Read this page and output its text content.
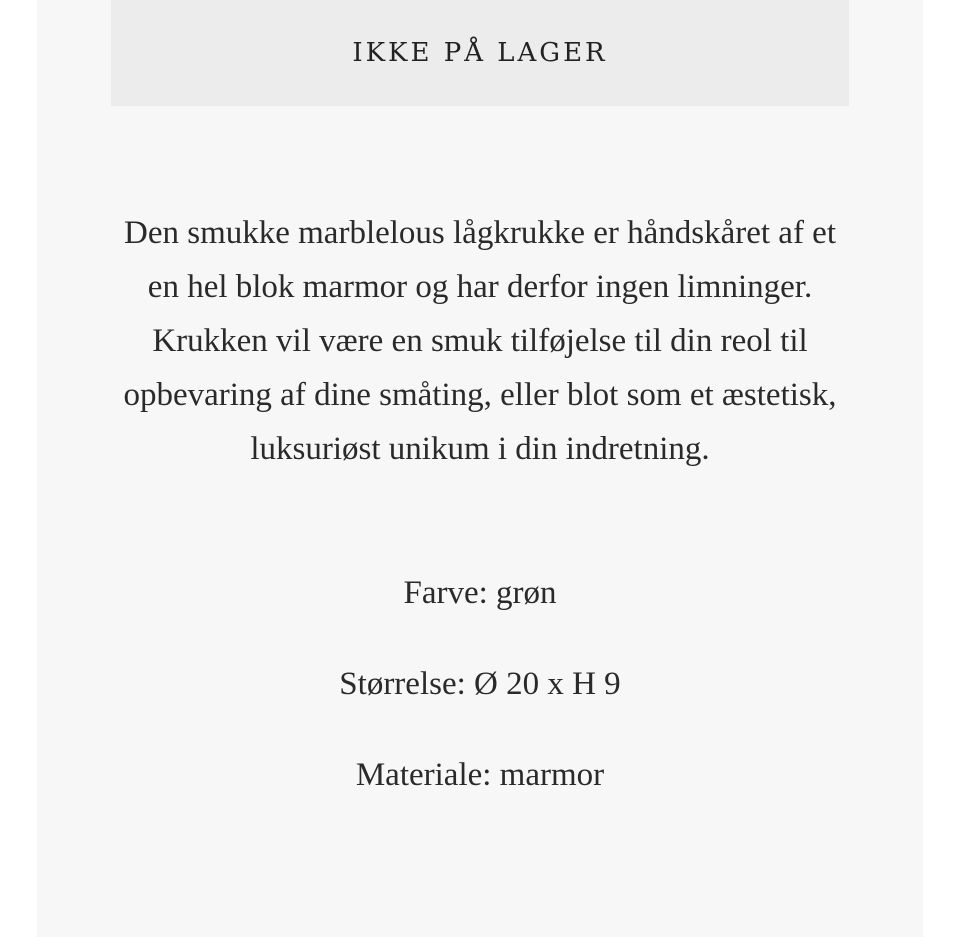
IKKE PÅ LAGER

Den smukke marblelous lågkrukke er håndskåret af et en hel blok marmor og har derfor ingen limninger.

Krukken vil være en smuk tilføjelse til din reol til opbevaring af dine småting, eller blot som et æstetisk, luksuriøst unikum i din indretning.

Farve: grøn

Størrelse: Ø 20 x H 9

Materiale: marmor
